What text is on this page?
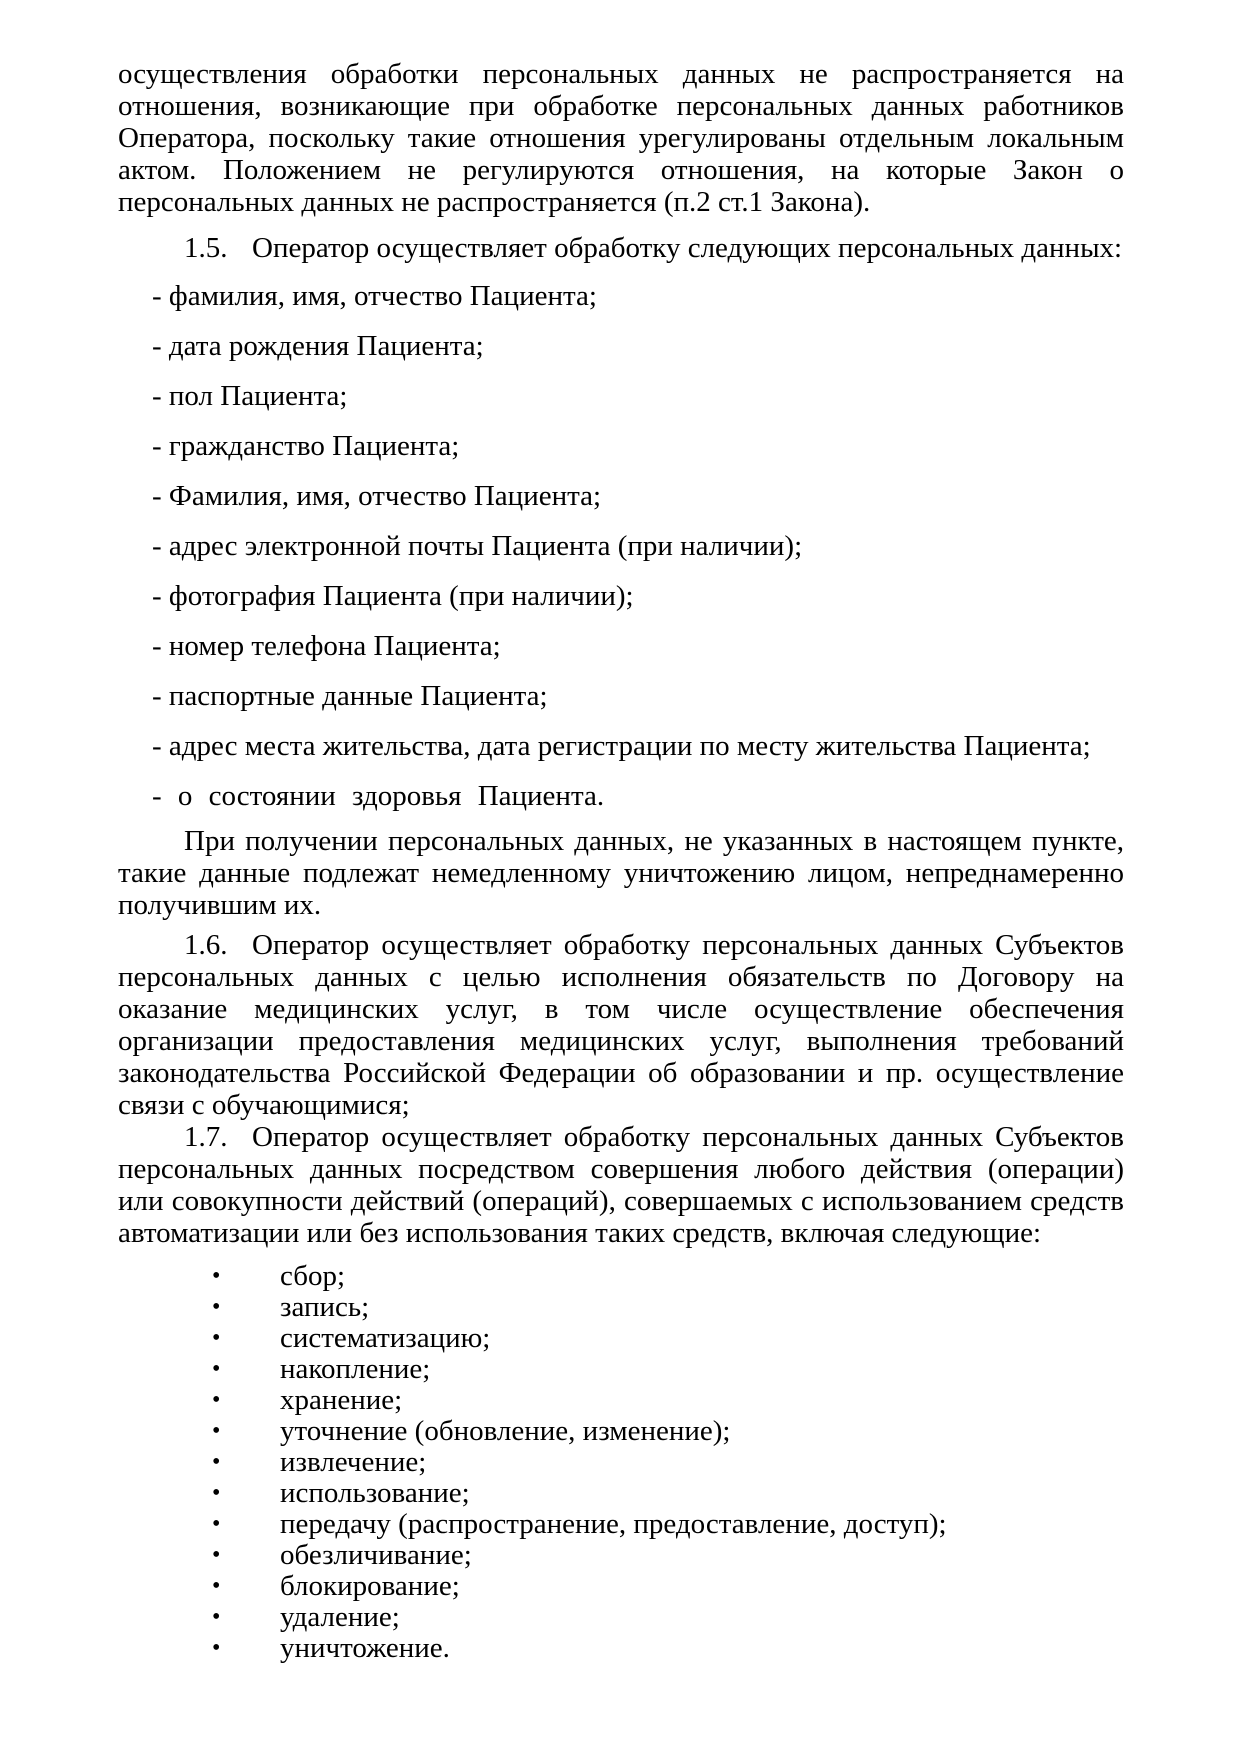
осуществления обработки персональных данных не распространяется на отношения, возникающие при обработке персональных данных работников Оператора, поскольку такие отношения урегулированы отдельным локальным актом. Положением не регулируются отношения, на которые Закон о персональных данных не распространяется (п.2 ст.1 Закона).

1.5. Оператор осуществляет обработку следующих персональных данных:

- фамилия, имя, отчество Пациента;

- дата рождения Пациента;

- пол Пациента;

- гражданство Пациента;

- Фамилия, имя, отчество Пациента;

- адрес электронной почты Пациента (при наличии);

- фотография Пациента (при наличии);

- номер телефона Пациента;

- паспортные данные Пациента;

- адрес места жительства, дата регистрации по месту жительства Пациента;

- о состоянии здоровья Пациента.

При получении персональных данных, не указанных в настоящем пункте, такие данные подлежат немедленному уничтожению лицом, непреднамеренно получившим их.

1.6. Оператор осуществляет обработку персональных данных Субъектов персональных данных с целью исполнения обязательств по Договору на оказание медицинских услуг, в том числе осуществление обеспечения организации предоставления медицинских услуг, выполнения требований законодательства Российской Федерации об образовании и пр. осуществление связи с обучающимися;

1.7. Оператор осуществляет обработку персональных данных Субъектов персональных данных посредством совершения любого действия (операции) или совокупности действий (операций), совершаемых с использованием средств автоматизации или без использования таких средств, включая следующие:

• сбор;

• запись;

• систематизацию;

• накопление;

• хранение;

• уточнение (обновление, изменение);

• извлечение;

• использование;

• передачу (распространение, предоставление, доступ);

• обезличивание;

• блокирование;

• удаление;

• уничтожение.
